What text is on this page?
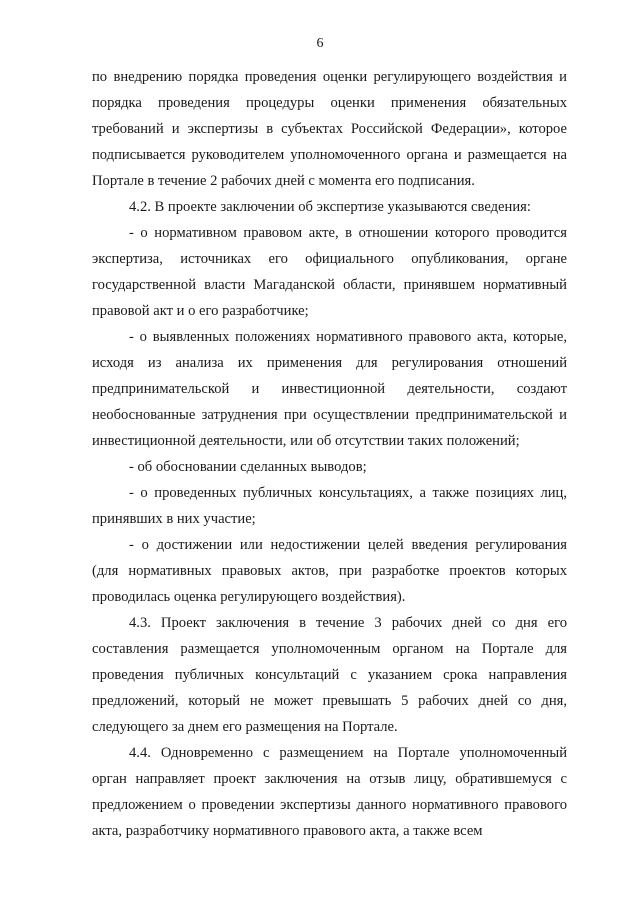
6

по внедрению порядка проведения оценки регулирующего воздействия и порядка проведения процедуры оценки применения обязательных требований и экспертизы в субъектах Российской Федерации», которое подписывается руководителем уполномоченного органа и размещается на Портале в течение 2 рабочих дней с момента его подписания.

4.2. В проекте заключении об экспертизе указываются сведения:

- о нормативном правовом акте, в отношении которого проводится экспертиза, источниках его официального опубликования, органе государственной власти Магаданской области, принявшем нормативный правовой акт и о его разработчике;

- о выявленных положениях нормативного правового акта, которые, исходя из анализа их применения для регулирования отношений предпринимательской и инвестиционной деятельности, создают необоснованные затруднения при осуществлении предпринимательской и инвестиционной деятельности, или об отсутствии таких положений;

- об обосновании сделанных выводов;

- о проведенных публичных консультациях, а также позициях лиц, принявших в них участие;

- о достижении или недостижении целей введения регулирования (для нормативных правовых актов, при разработке проектов которых проводилась оценка регулирующего воздействия).

4.3. Проект заключения в течение 3 рабочих дней со дня его составления размещается уполномоченным органом на Портале для проведения публичных консультаций с указанием срока направления предложений, который не может превышать 5 рабочих дней со дня, следующего за днем его размещения на Портале.

4.4. Одновременно с размещением на Портале уполномоченный орган направляет проект заключения на отзыв лицу, обратившемуся с предложением о проведении экспертизы данного нормативного правового акта, разработчику нормативного правового акта, а также всем
